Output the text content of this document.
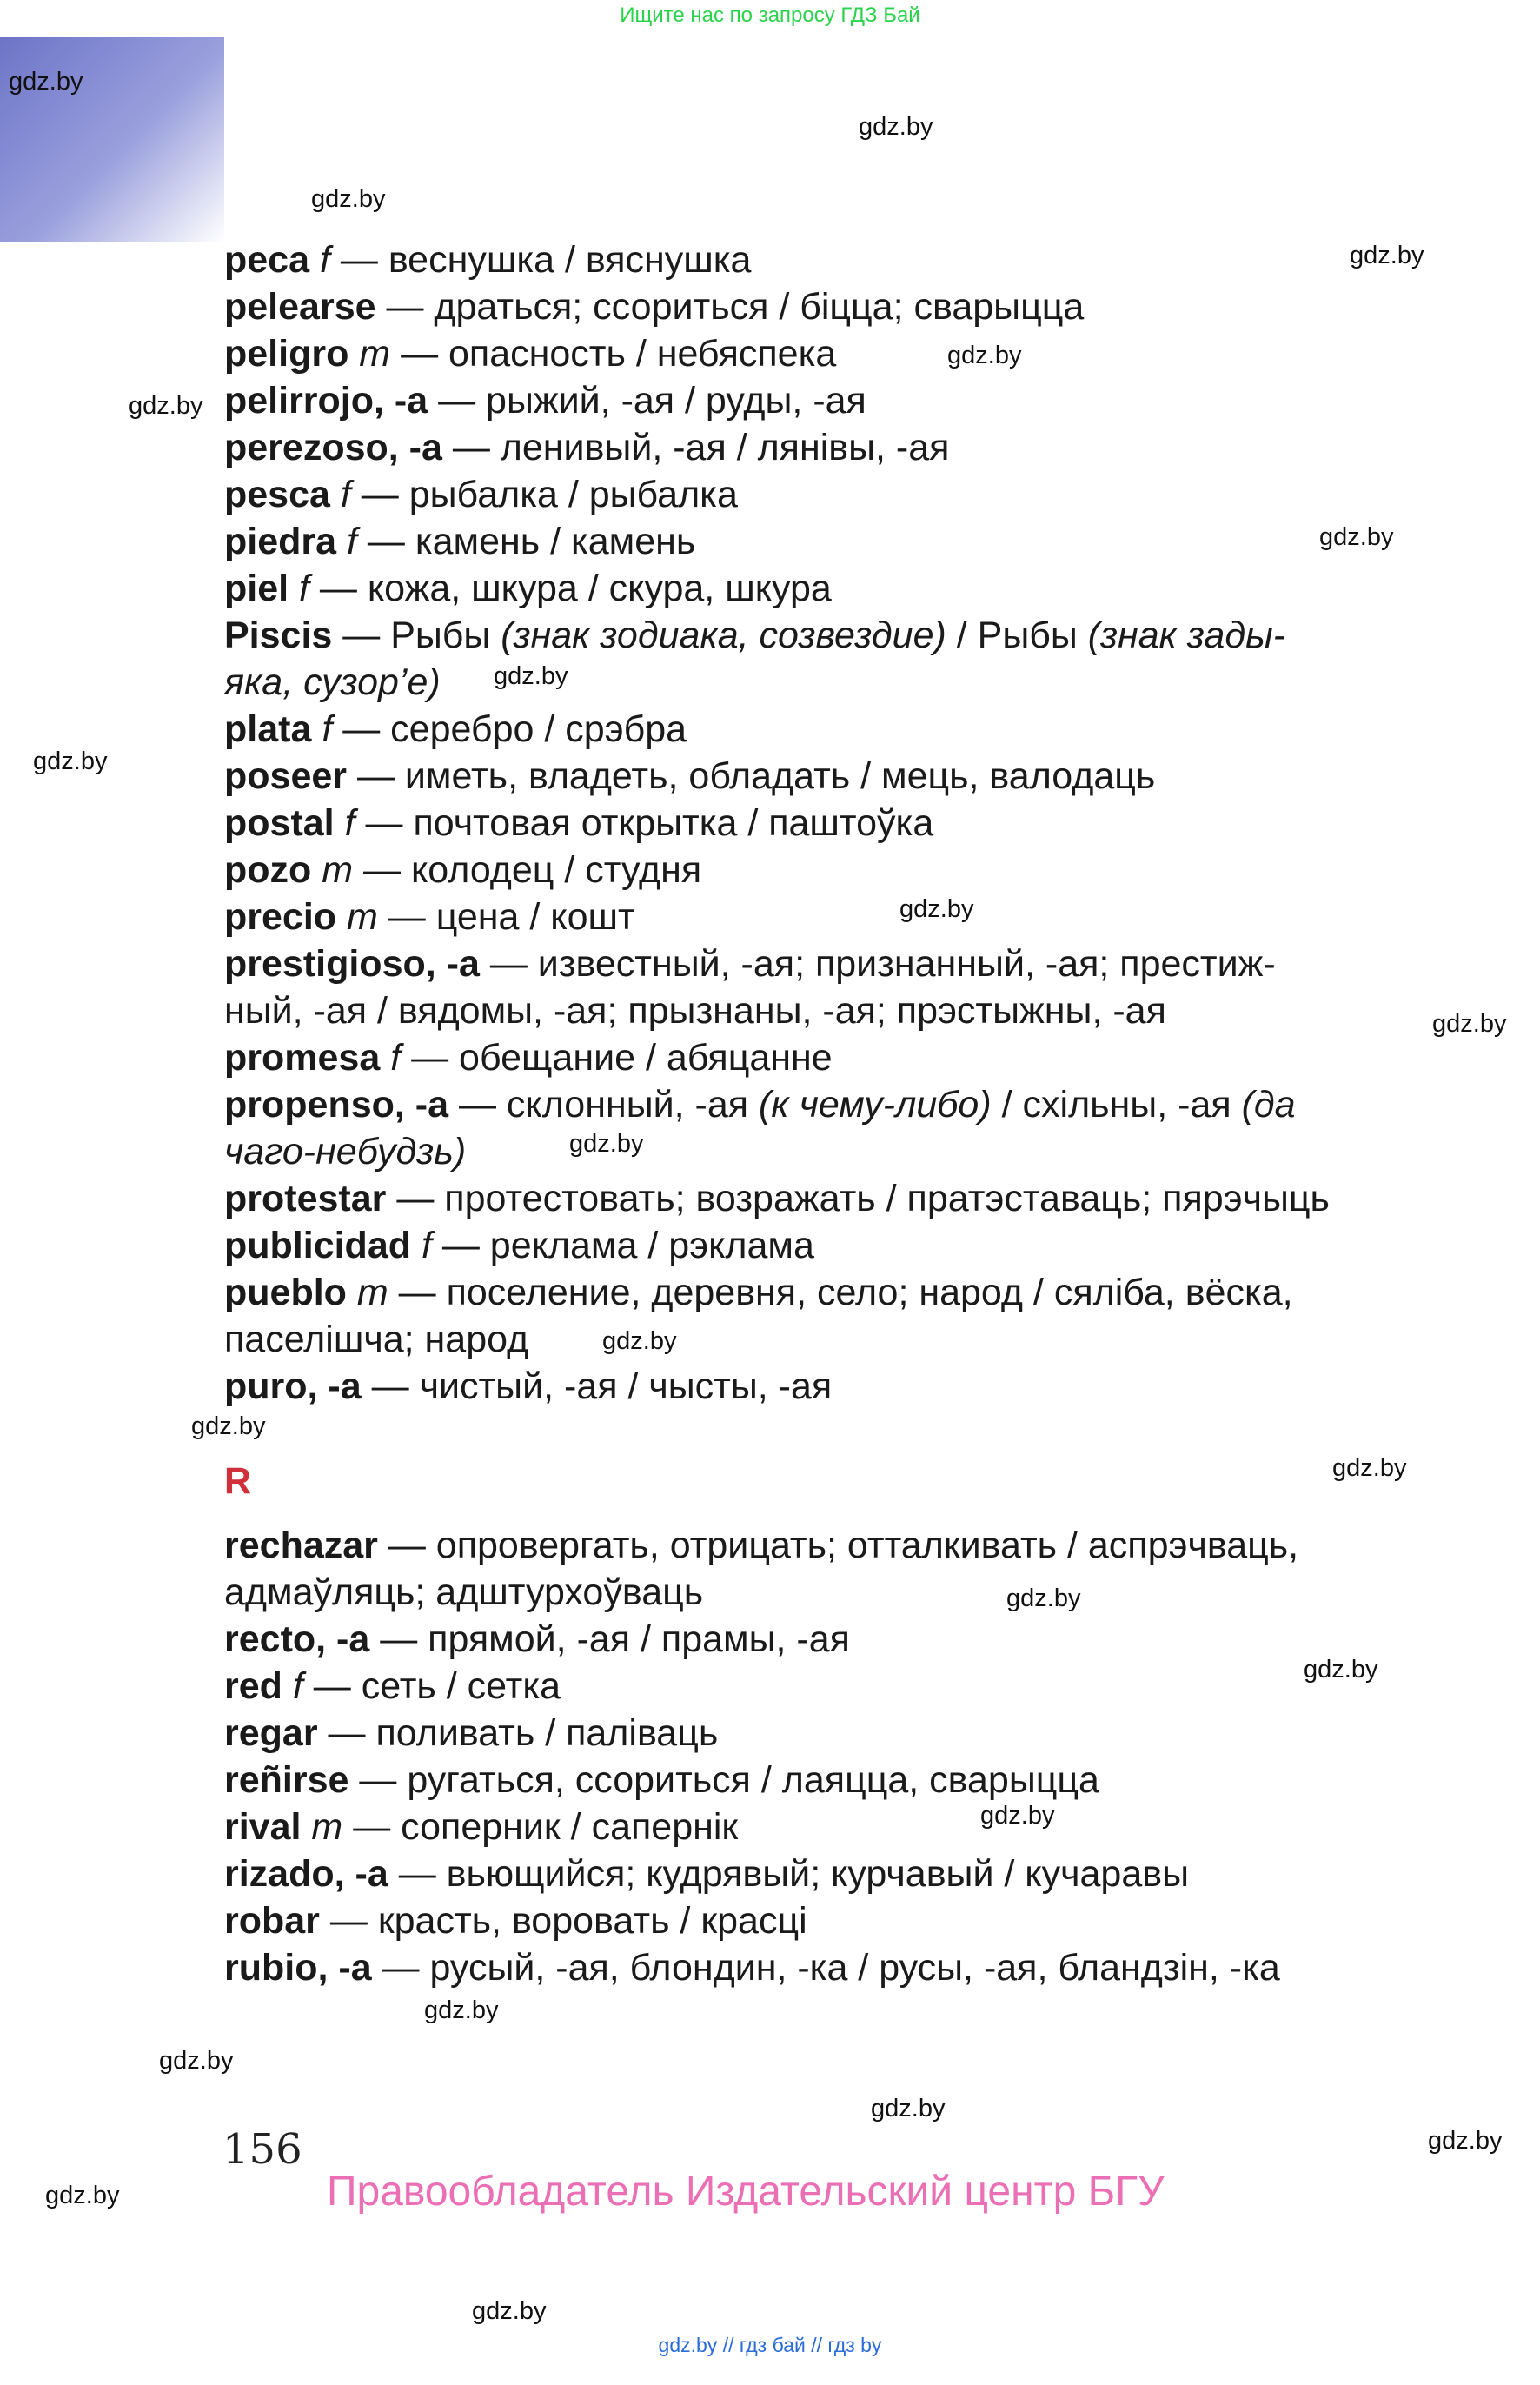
Ищите нас по запросу ГДЗ Бай
gdz.by
gdz.by
gdz.by
gdz.by
gdz.by
gdz.by
gdz.by
gdz.by
gdz.by
gdz.by
gdz.by
gdz.by
gdz.by
gdz.by
gdz.by
gdz.by
gdz.by
gdz.by
gdz.by
gdz.by
gdz.by
gdz.by
gdz.by
gdz.by
peca f — веснушка / вяснушка
pelearse — драться; ссориться / біцца; сварыцца
peligro m — опасность / небяспека
pelirrojo, -a — рыжий, -ая / руды, -ая
perezoso, -a — ленивый, -ая / лянівы, -ая
pesca f — рыбалка / рыбалка
piedra f — камень / камень
piel f — кожа, шкура / скура, шкура
Piscis — Рыбы (знак зодиака, созвездие) / Рыбы (знак зады-
яка, сузор’е)
plata f — серебро / срэбра
poseer — иметь, владеть, обладать / мець, валодаць
postal f — почтовая открытка / паштоўка
pozo m — колодец / студня
precio m — цена / кошт
prestigioso, -a — известный, -ая; признанный, -ая; престиж-
ный, -ая / вядомы, -ая; прызнаны, -ая; прэстыжны, -ая
promesa f — обещание / абяцанне
propenso, -a — склонный, -ая (к чему-либо) / схільны, -ая (да
чаго-небудзь)
protestar — протестовать; возражать / пратэставаць; пярэчыць
publicidad f — реклама / рэклама
pueblo m — поселение, деревня, село; народ / сяліба, вёска,
паселішча; народ
puro, -a — чистый, -ая / чысты, -ая
rechazar — опровергать, отрицать; отталкивать / аспрэчваць,
адмаўляць; адштурхоўваць
recto, -a — прямой, -ая / прамы, -ая
red f — сеть / сетка
regar — поливать / паліваць
reñirse — ругаться, ссориться / лаяцца, сварыцца
rival m — соперник / сапернік
rizado, -a — вьющийся; кудрявый; курчавый / кучаравы
robar — красть, воровать / красці
rubio, -a — русый, -ая, блондин, -ка / русы, -ая, бландзін, -ка
R
156
Правообладатель Издательский центр БГУ
gdz.by // гдз бай // гдз by
